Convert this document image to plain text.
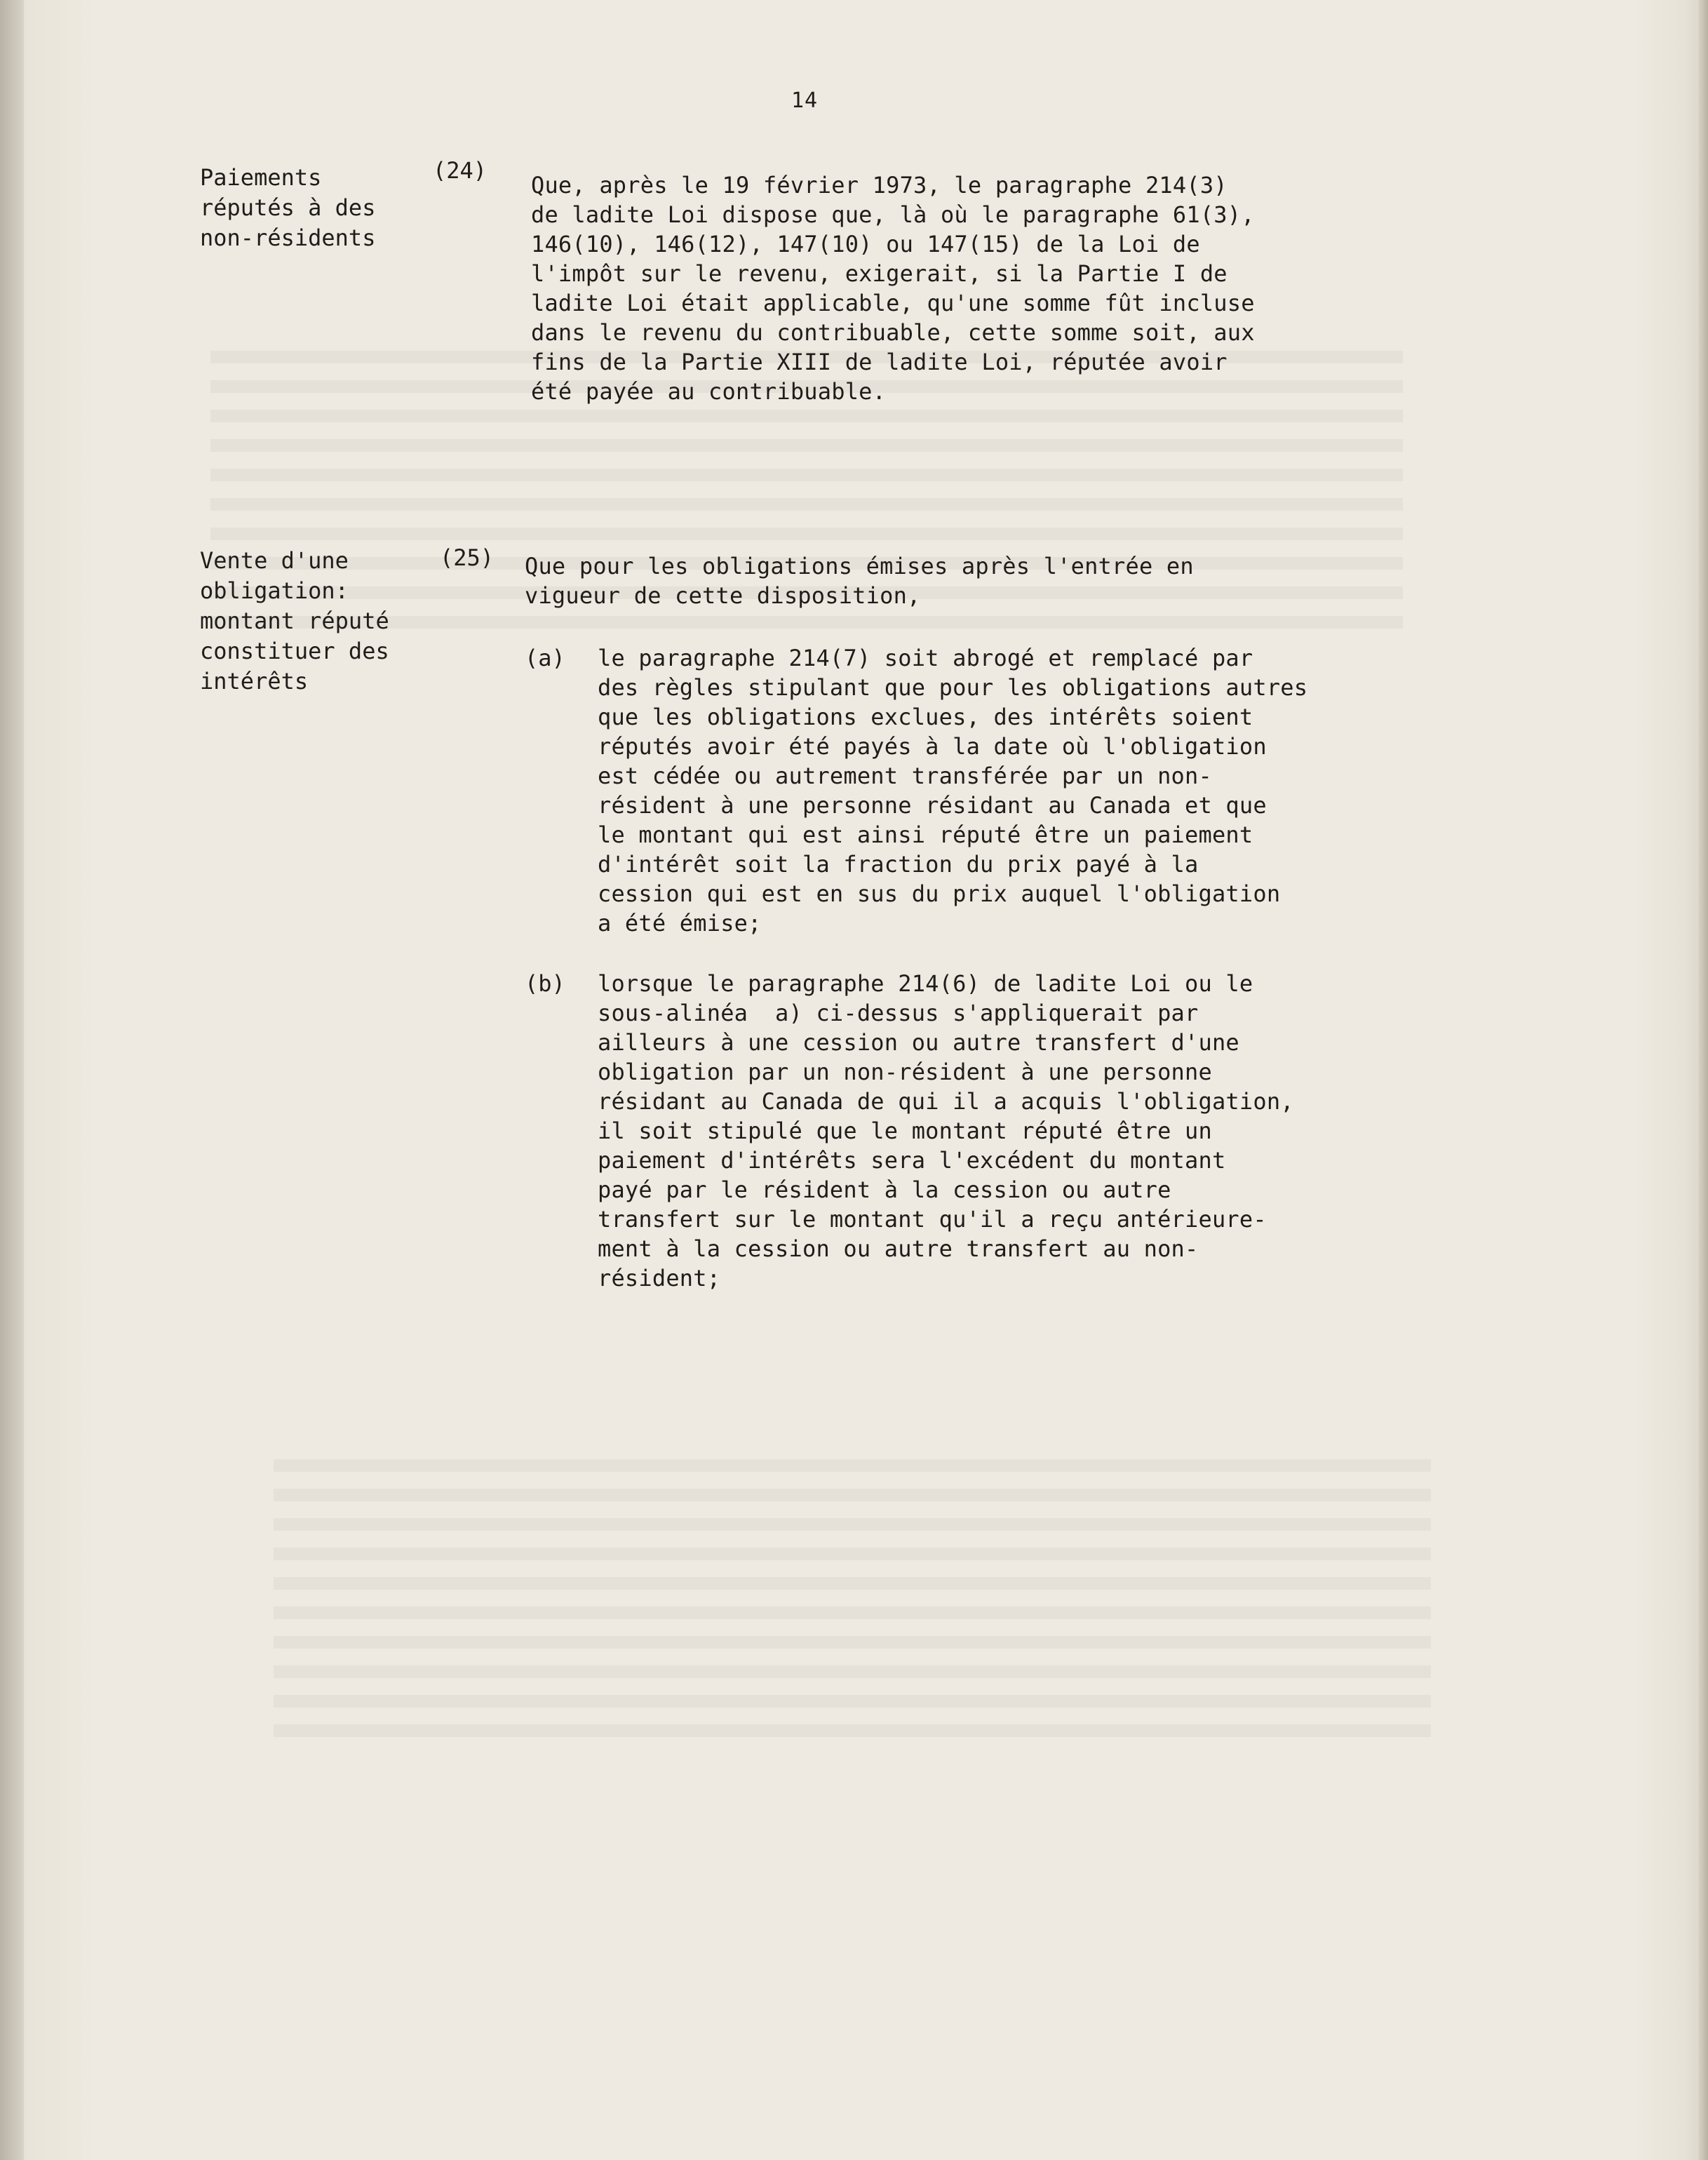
14
Paiements
réputés à des
non-résidents
(24)
Que, après le 19 février 1973, le paragraphe 214(3)
de ladite Loi dispose que, là où le paragraphe 61(3),
146(10), 146(12), 147(10) ou 147(15) de la Loi de
l'impôt sur le revenu, exigerait, si la Partie I de
ladite Loi était applicable, qu'une somme fût incluse
dans le revenu du contribuable, cette somme soit, aux
fins de la Partie XIII de ladite Loi, réputée avoir
été payée au contribuable.
Vente d'une
obligation:
montant réputé
constituer des
intérêts
(25) Que pour les obligations émises après l'entrée en
vigueur de cette disposition,
(a) le paragraphe 214(7) soit abrogé et remplacé par
des règles stipulant que pour les obligations autres
que les obligations exclues, des intérêts soient
réputés avoir été payés à la date où l'obligation
est cédée ou autrement transférée par un non-
résident à une personne résidant au Canada et que
le montant qui est ainsi réputé être un paiement
d'intérêt soit la fraction du prix payé à la
cession qui est en sus du prix auquel l'obligation
a été émise;
(b) lorsque le paragraphe 214(6) de ladite Loi ou le
sous-alinéa  a) ci-dessus s'appliquerait par
ailleurs à une cession ou autre transfert d'une
obligation par un non-résident à une personne
résidant au Canada de qui il a acquis l'obligation,
il soit stipulé que le montant réputé être un
paiement d'intérêts sera l'excédent du montant
payé par le résident à la cession ou autre
transfert sur le montant qu'il a reçu antérieure-
ment à la cession ou autre transfert au non-
résident;
